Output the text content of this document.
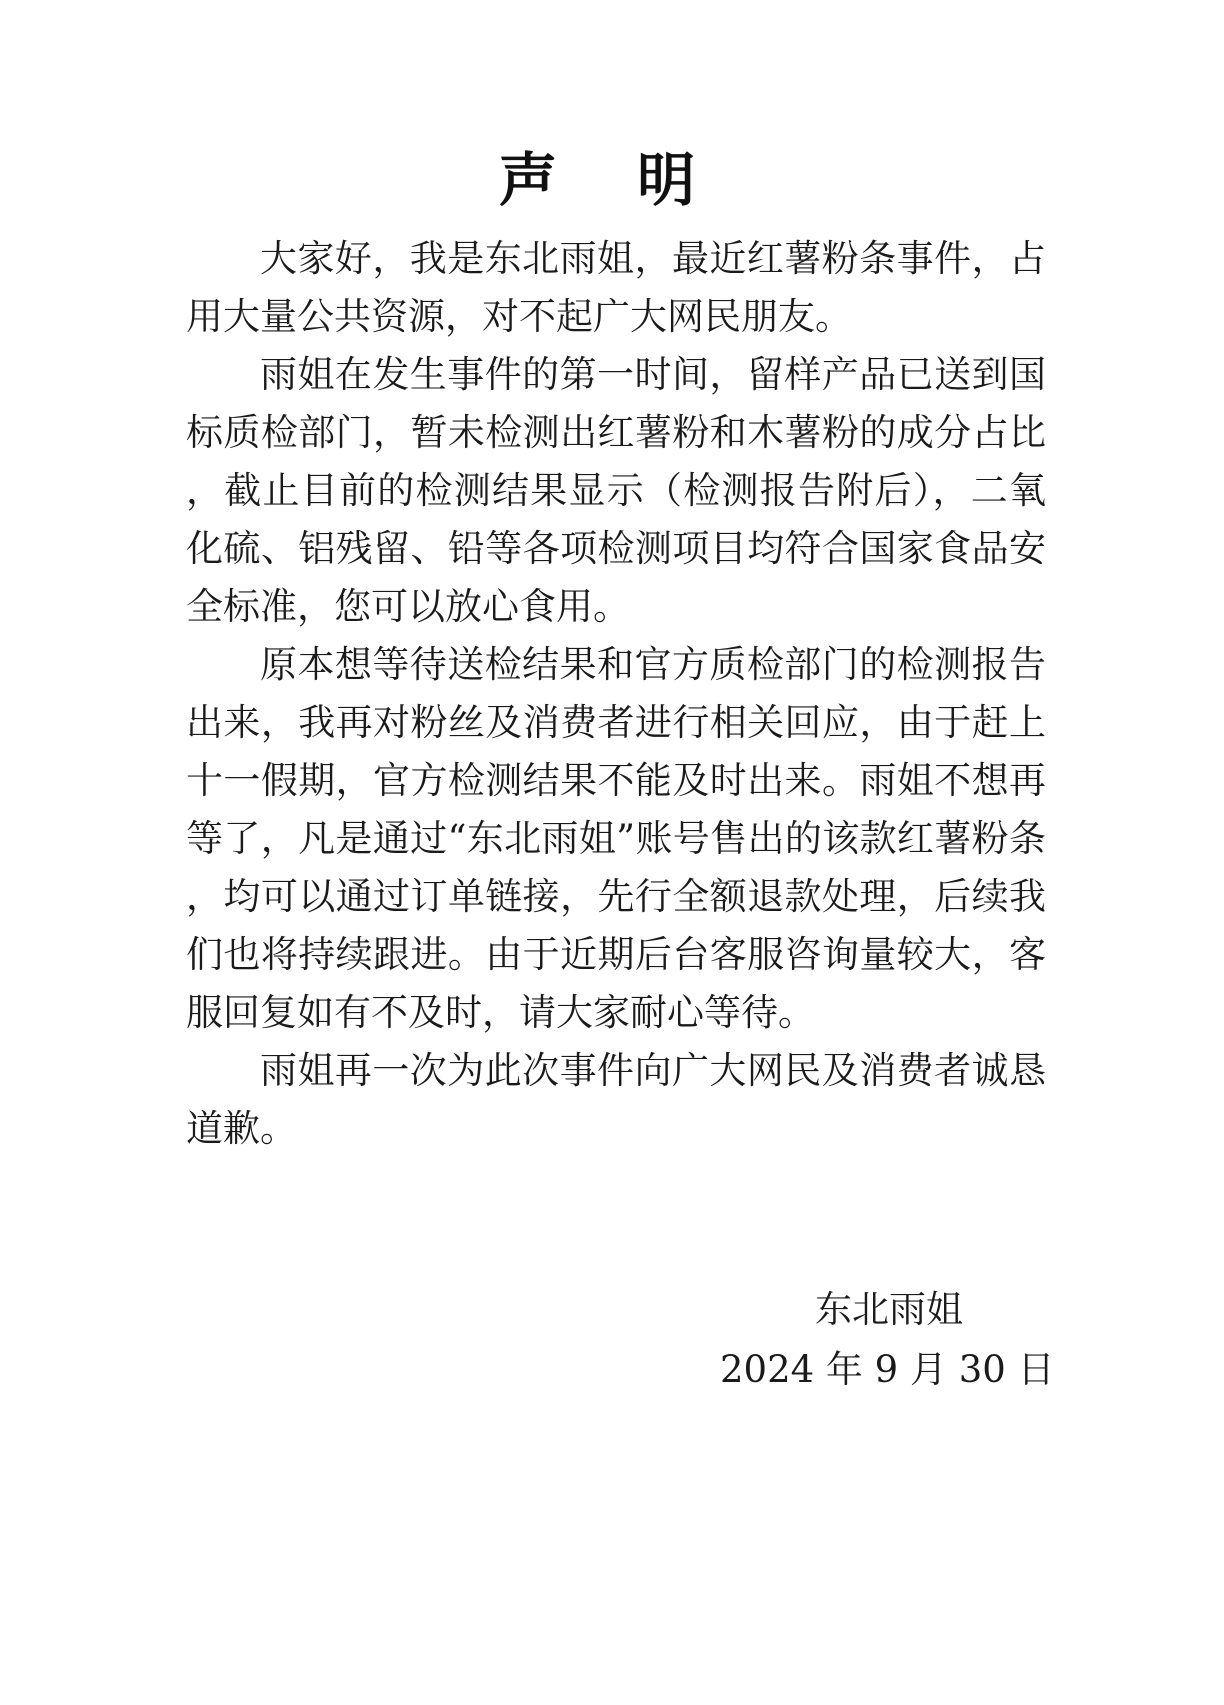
声 明

大家好，我是东北雨姐，最近红薯粉条事件，占用大量公共资源，对不起广大网民朋友。

雨姐在发生事件的第一时间，留样产品已送到国标质检部门，暂未检测出红薯粉和木薯粉的成分占比，截止目前的检测结果显示（检测报告附后），二氧化硫、铝残留、铅等各项检测项目均符合国家食品安全标准，您可以放心食用。

原本想等待送检结果和官方质检部门的检测报告出来，我再对粉丝及消费者进行相关回应，由于赶上十一假期，官方检测结果不能及时出来。雨姐不想再等了，凡是通过“东北雨姐”账号售出的该款红薯粉条，均可以通过订单链接，先行全额退款处理，后续我们也将持续跟进。由于近期后台客服咨询量较大，客服回复如有不及时，请大家耐心等待。

雨姐再一次为此次事件向广大网民及消费者诚恳道歉。

东北雨姐

2024 年 9 月 30 日
